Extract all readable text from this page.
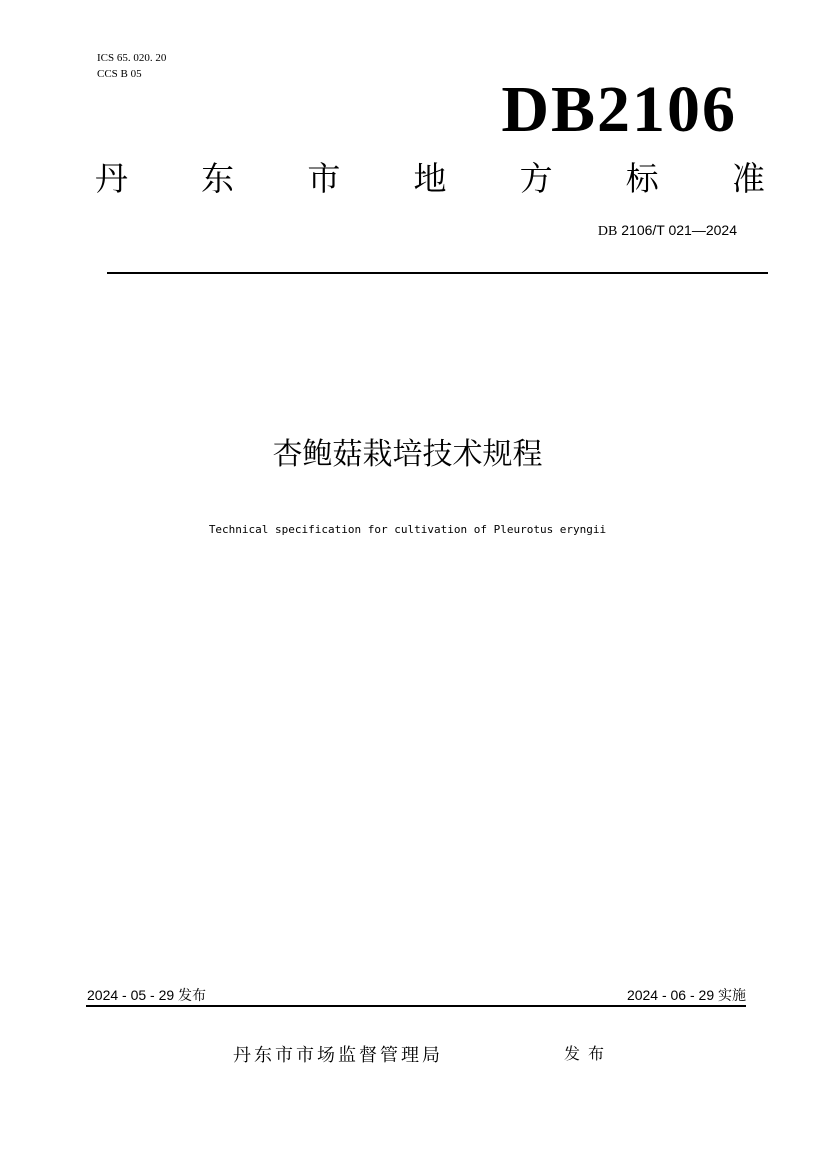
ICS 65. 020. 20
CCS B 05	DB2106
丹 东 市 地 方 标 准
DB 2106/T 021—2024
杏鲍菇栽培技术规程
Technical specification for cultivation of Pleurotus eryngii
2024 - 05 - 29 发布	2024 - 06 - 29 实施
丹东市市场监督管理局	发布
